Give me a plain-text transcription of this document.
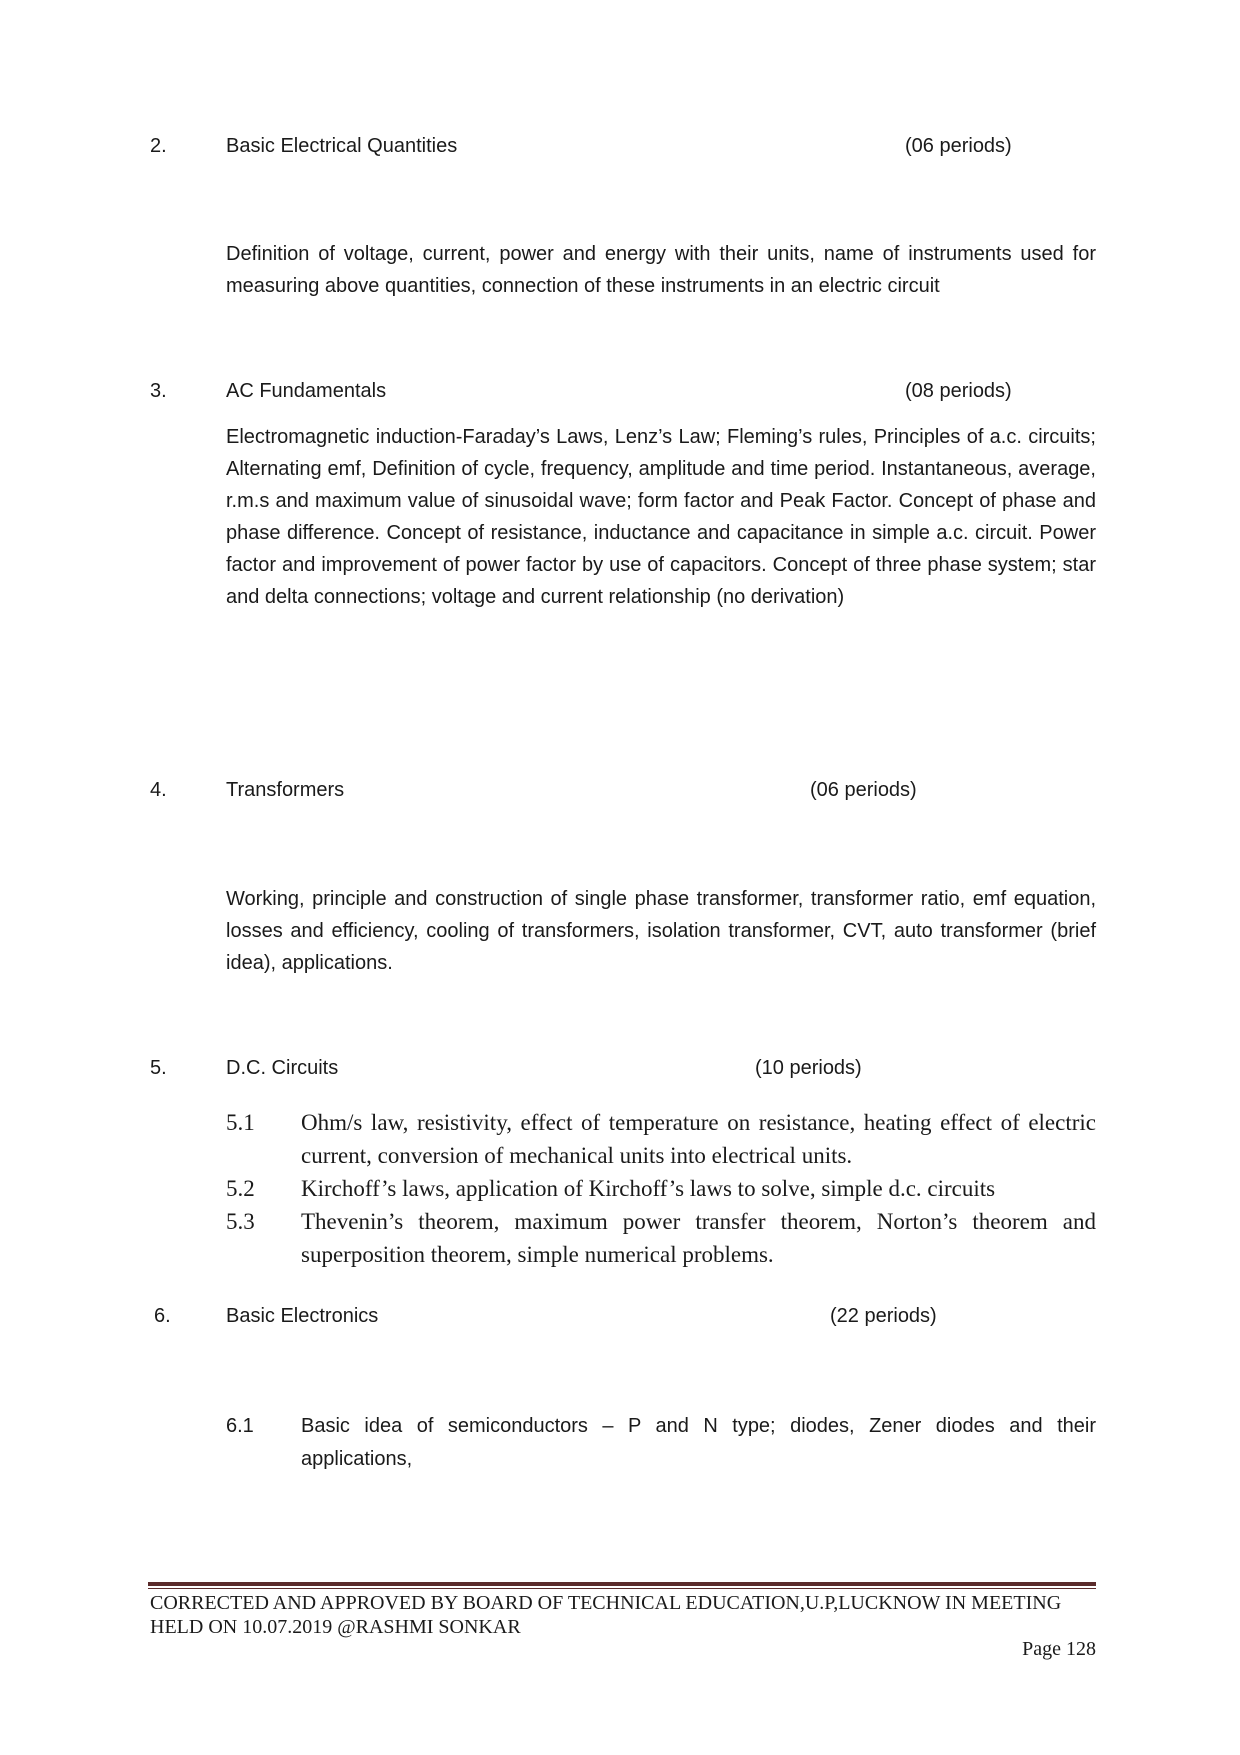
2.	Basic Electrical Quantities	(06 periods)
Definition of voltage, current, power and energy with their units, name of instruments used for measuring above quantities, connection of these instruments in an electric circuit
3.	AC Fundamentals	(08 periods)
Electromagnetic induction-Faraday’s Laws, Lenz’s Law; Fleming’s rules, Principles of a.c. circuits; Alternating emf, Definition of cycle, frequency, amplitude and time period. Instantaneous, average, r.m.s and maximum value of sinusoidal wave; form factor and Peak Factor. Concept of phase and phase difference. Concept of resistance, inductance and capacitance in simple a.c. circuit. Power factor and improvement of power factor by use of capacitors. Concept of three phase system; star and delta connections; voltage and current relationship (no derivation)
4.	Transformers	(06 periods)
Working, principle and construction of single phase transformer, transformer ratio, emf equation, losses and efficiency, cooling of transformers, isolation transformer, CVT, auto transformer (brief idea), applications.
5.	D.C. Circuits	(10 periods)
5.1 Ohm/s law, resistivity, effect of temperature on resistance, heating effect of electric current, conversion of mechanical units into electrical units.
5.2 Kirchoff’s laws, application of Kirchoff’s laws to solve, simple d.c. circuits
5.3 Thevenin’s theorem, maximum power transfer theorem, Norton’s theorem and superposition theorem, simple numerical problems.
6.	Basic Electronics	(22 periods)
6.1 Basic idea of semiconductors – P and N type; diodes, Zener diodes and their applications,
CORRECTED AND APPROVED BY BOARD OF TECHNICAL EDUCATION,U.P,LUCKNOW IN MEETING HELD ON 10.07.2019 @RASHMI SONKAR
Page 128
